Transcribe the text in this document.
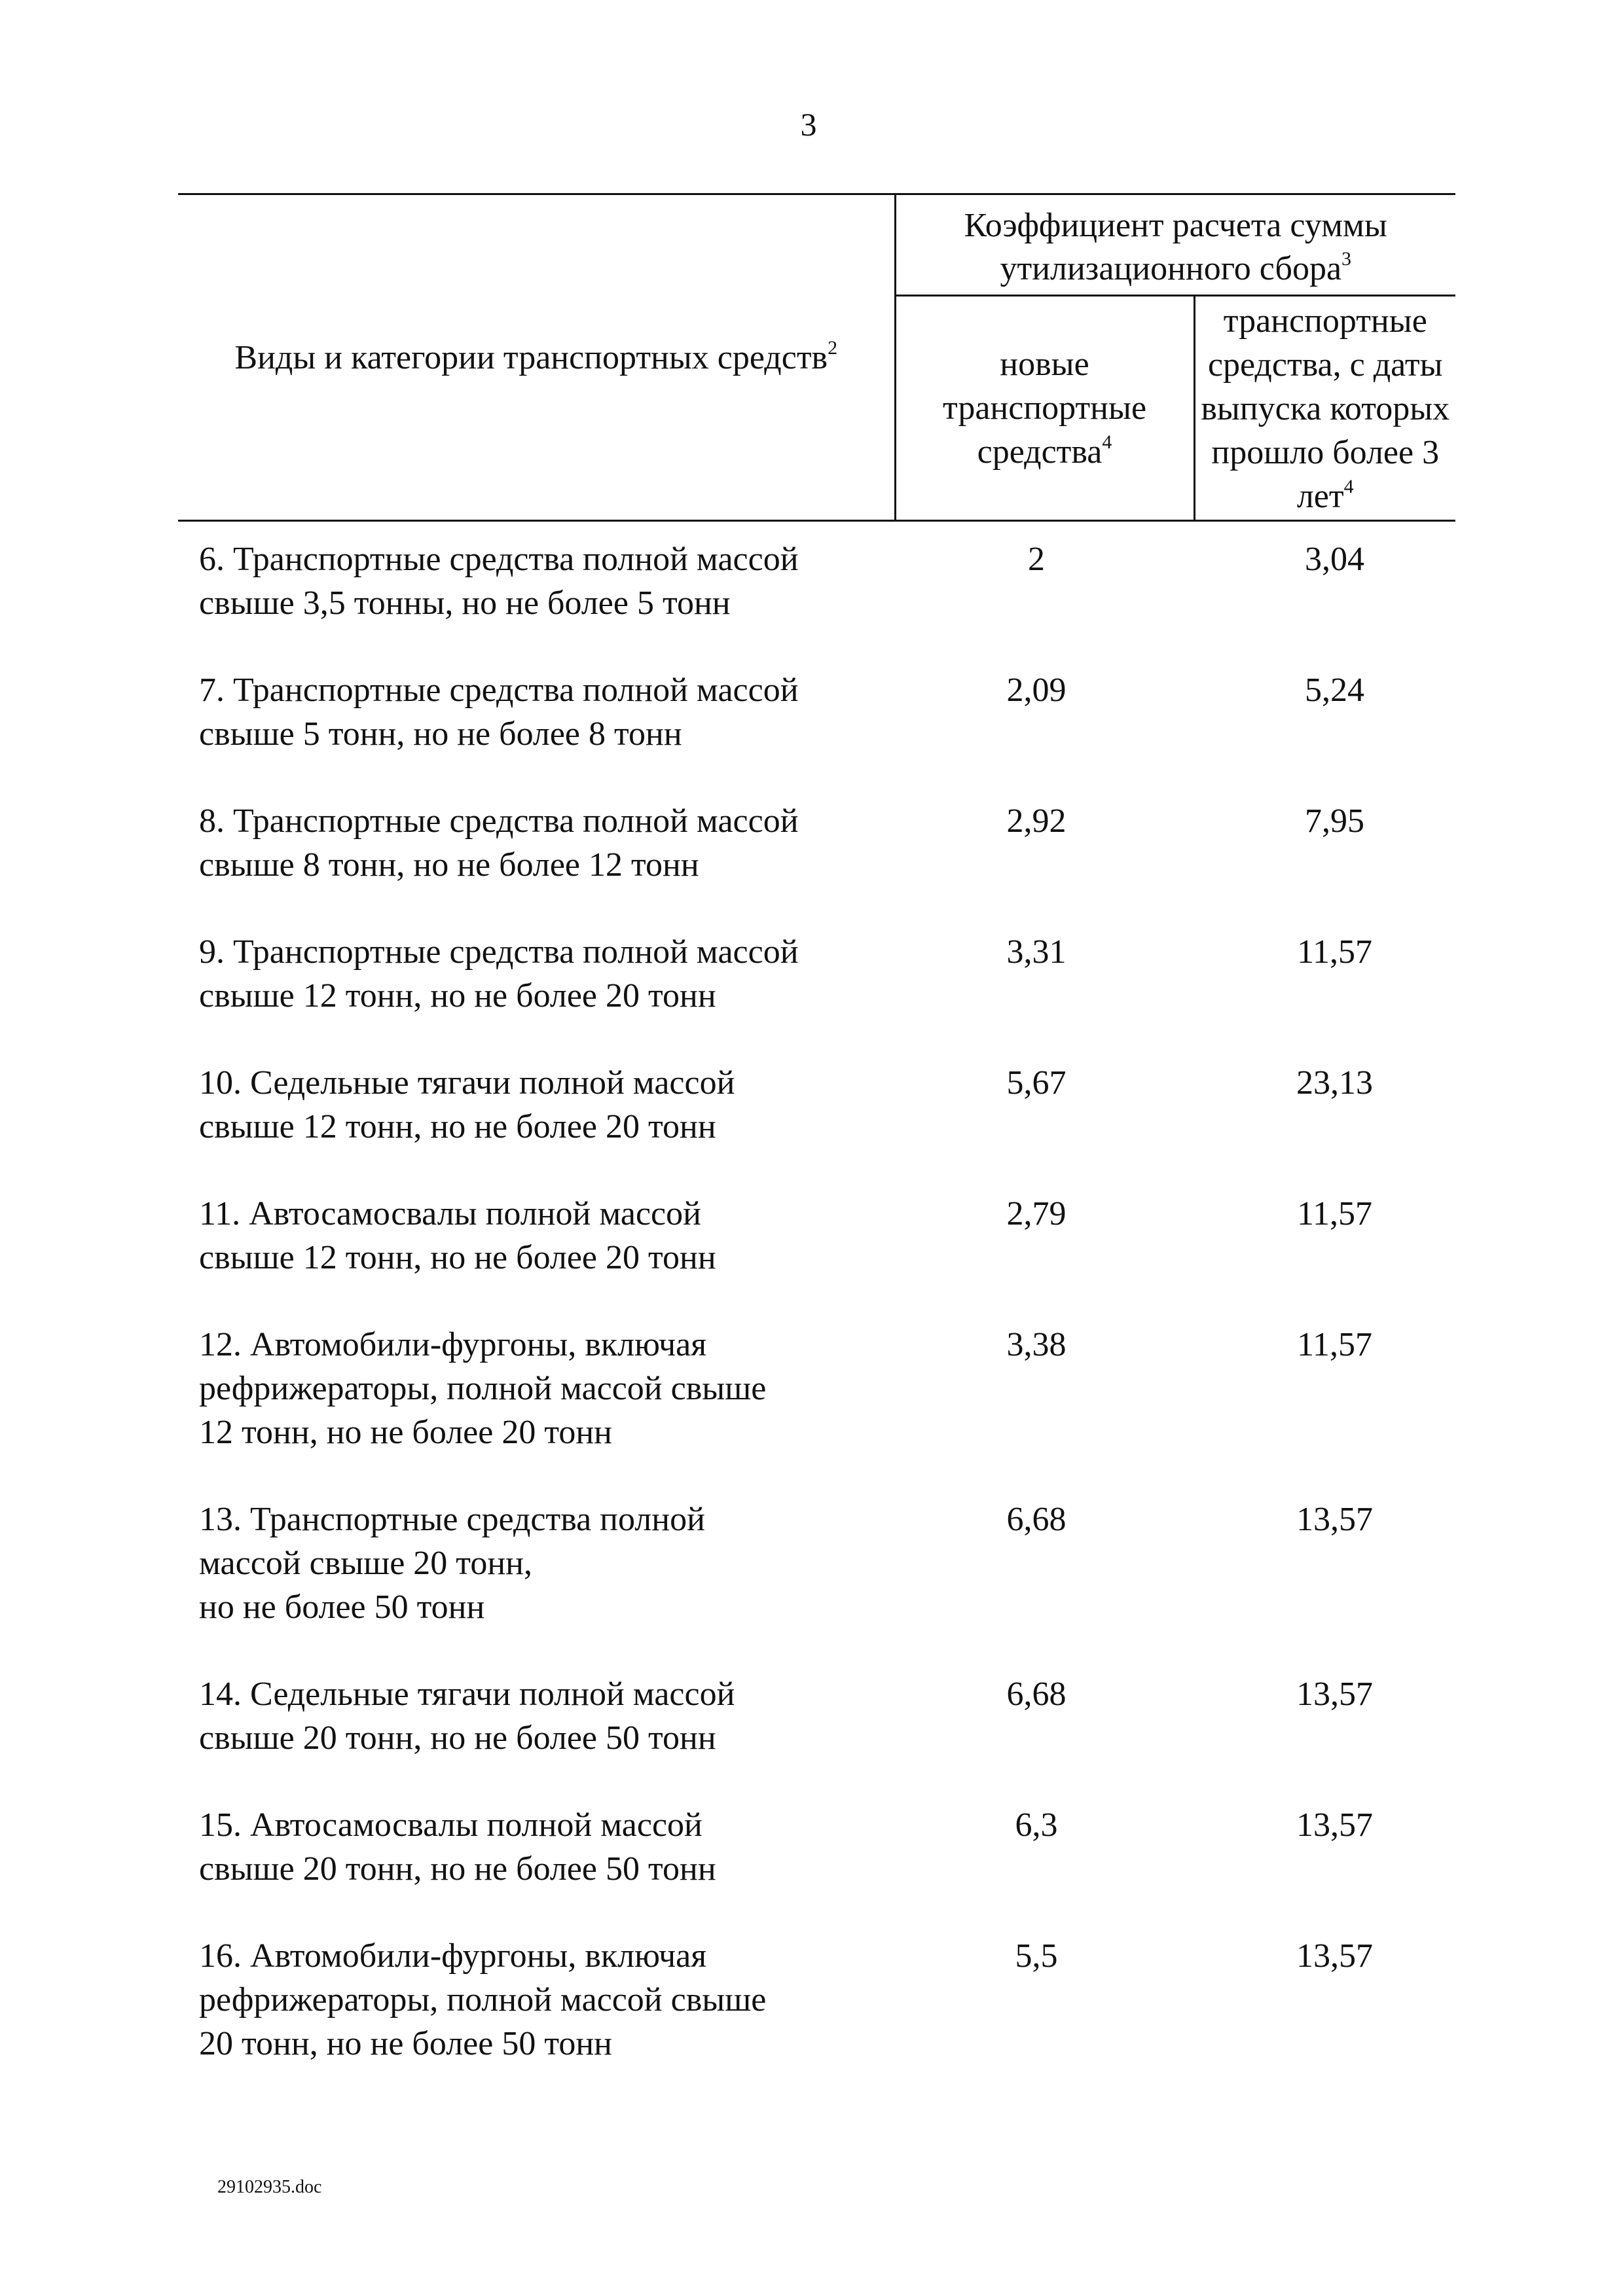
3
Виды и категории транспортных средств$^2$	Коэффициент расчета суммы утилизационного сбора$^3$
	новые транспортные средства$^4$	транспортные средства, с даты выпуска которых прошло более 3 лет$^4$

6. Транспортные средства полной массой
свыше 3,5 тонны, но не более 5 тонн	2	3,04

7. Транспортные средства полной массой
свыше 5 тонн, но не более 8 тонн	2,09	5,24

8. Транспортные средства полной массой
свыше 8 тонн, но не более 12 тонн	2,92	7,95

9. Транспортные средства полной массой
свыше 12 тонн, но не более 20 тонн	3,31	11,57

10. Седельные тягачи полной массой
свыше 12 тонн, но не более 20 тонн	5,67	23,13

11. Автосамосвалы полной массой
свыше 12 тонн, но не более 20 тонн	2,79	11,57

12. Автомобили-фургоны, включая
рефрижераторы, полной массой свыше
12 тонн, но не более 20 тонн	3,38	11,57

13. Транспортные средства полной
массой свыше 20 тонн,
но не более 50 тонн	6,68	13,57

14. Седельные тягачи полной массой
свыше 20 тонн, но не более 50 тонн	6,68	13,57

15. Автосамосвалы полной массой
свыше 20 тонн, но не более 50 тонн	6,3	13,57

16. Автомобили-фургоны, включая
рефрижераторы, полной массой свыше
20 тонн, но не более 50 тонн	5,5	13,57
29102935.doc
